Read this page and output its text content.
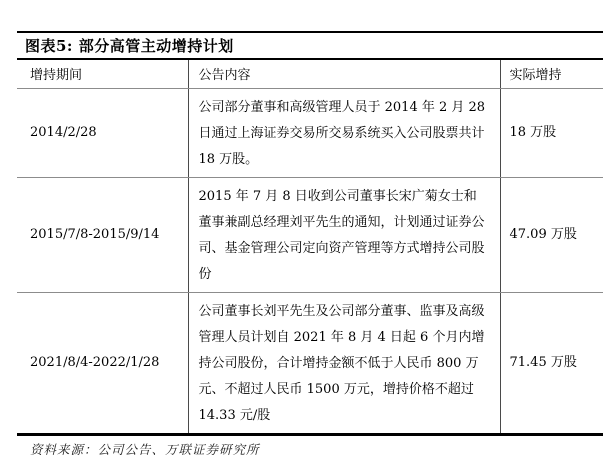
图表5: 部分高管主动增持计划
增持期间	公告内容	实际增持
2014/2/28	公司部分董事和高级管理人员于 2014 年 2 月 28 日通过上海证券交易所交易系统买入公司股票共计 18 万股。	18 万股
2015/7/8-2015/9/14	2015 年 7 月 8 日收到公司董事长宋广菊女士和董事兼副总经理刘平先生的通知，计划通过证券公司、基金管理公司定向资产管理等方式增持公司股份	47.09 万股
2021/8/4-2022/1/28	公司董事长刘平先生及公司部分董事、监事及高级管理人员计划自 2021 年 8 月 4 日起 6 个月内增持公司股份，合计增持金额不低于人民币 800 万元、不超过人民币 1500 万元，增持价格不超过 14.33 元/股	71.45 万股
资料来源：公司公告、万联证券研究所
